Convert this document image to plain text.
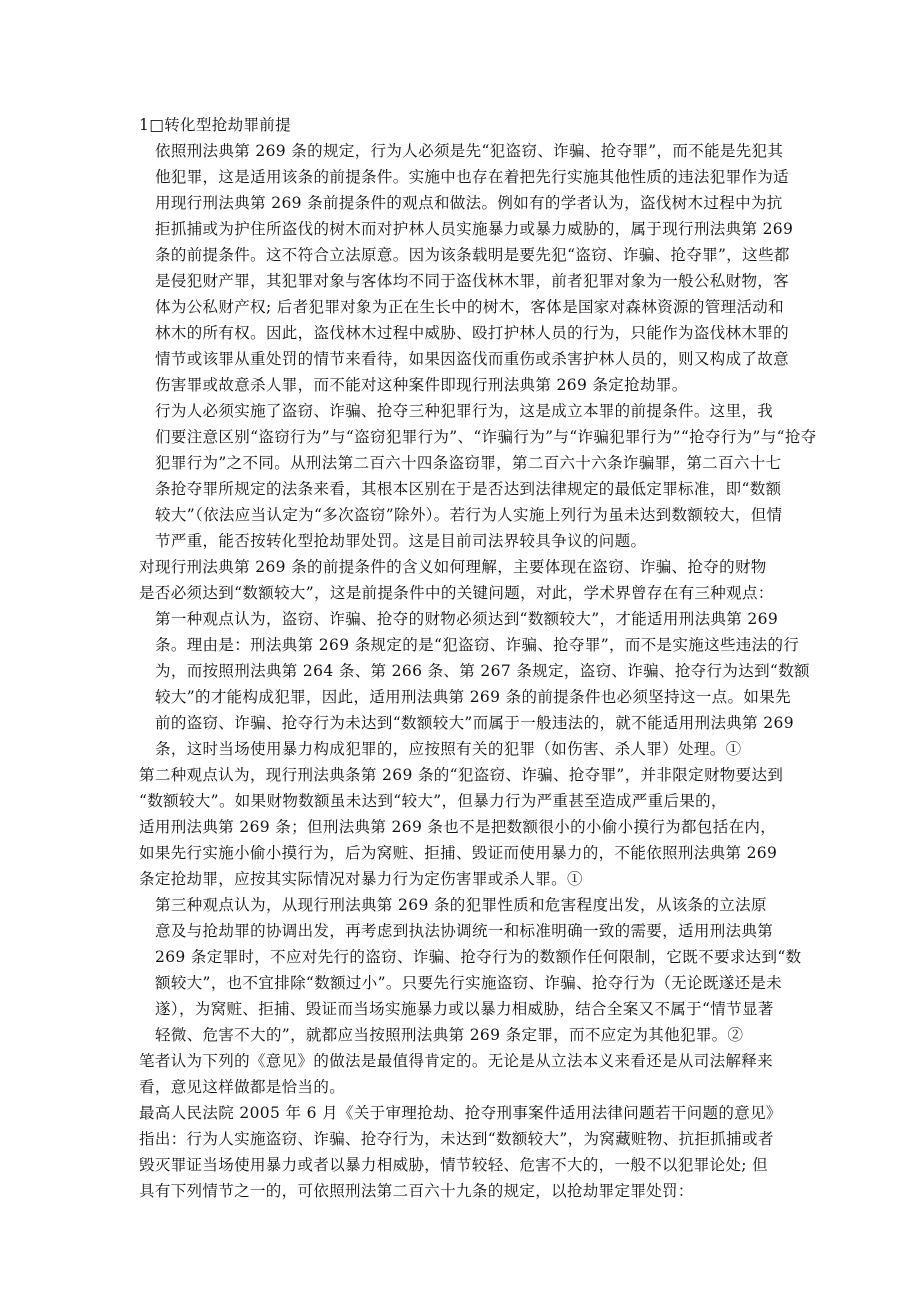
1□转化型抢劫罪前提

依照刑法典第 269 条的规定，行为人必须是先“犯盗窃、诈骗、抢夺罪”，而不能是先犯其
他犯罪，这是适用该条的前提条件。实施中也存在着把先行实施其他性质的违法犯罪作为适
用现行刑法典第 269 条前提条件的观点和做法。例如有的学者认为，盗伐树木过程中为抗
拒抓捕或为护住所盗伐的树木而对护林人员实施暴力或暴力威胁的，属于现行刑法典第 269
条的前提条件。这不符合立法原意。因为该条载明是要先犯“盗窃、诈骗、抢夺罪”，这些都
是侵犯财产罪，其犯罪对象与客体均不同于盗伐林木罪，前者犯罪对象为一般公私财物，客
体为公私财产权; 后者犯罪对象为正在生长中的树木，客体是国家对森林资源的管理活动和
林木的所有权。因此，盗伐林木过程中威胁、殴打护林人员的行为，只能作为盗伐林木罪的
情节或该罪从重处罚的情节来看待，如果因盗伐而重伤或杀害护林人员的，则又构成了故意
伤害罪或故意杀人罪，而不能对这种案件即现行刑法典第 269 条定抢劫罪。

行为人必须实施了盗窃、诈骗、抢夺三种犯罪行为，这是成立本罪的前提条件。这里，我
们要注意区别“盗窃行为”与“盗窃犯罪行为”、“诈骗行为”与“诈骗犯罪行为”“抢夺行为”与“抢夺
犯罪行为”之不同。从刑法第二百六十四条盗窃罪，第二百六十六条诈骗罪，第二百六十七
条抢夺罪所规定的法条来看，其根本区别在于是否达到法律规定的最低定罪标准，即“数额
较大”（依法应当认定为“多次盗窃”除外）。若行为人实施上列行为虽未达到数额较大，但情
节严重，能否按转化型抢劫罪处罚。这是目前司法界较具争议的问题。

对现行刑法典第 269 条的前提条件的含义如何理解，主要体现在盗窃、诈骗、抢夺的财物
是否必须达到“数额较大”，这是前提条件中的关键问题，对此，学术界曾存在有三种观点：

第一种观点认为，盗窃、诈骗、抢夺的财物必须达到“数额较大”，才能适用刑法典第 269
条。理由是：刑法典第 269 条规定的是“犯盗窃、诈骗、抢夺罪”，而不是实施这些违法的行
为，而按照刑法典第 264 条、第 266 条、第 267 条规定，盗窃、诈骗、抢夺行为达到“数额
较大”的才能构成犯罪，因此，适用刑法典第 269 条的前提条件也必须坚持这一点。如果先
前的盗窃、诈骗、抢夺行为未达到“数额较大”而属于一般违法的，就不能适用刑法典第 269
条，这时当场使用暴力构成犯罪的，应按照有关的犯罪（如伤害、杀人罪）处理。①

第二种观点认为，现行刑法典条第 269 条的“犯盗窃、诈骗、抢夺罪”，并非限定财物要达到
“数额较大”。如果财物数额虽未达到“较大”，但暴力行为严重甚至造成严重后果的，
适用刑法典第 269 条；但刑法典第 269 条也不是把数额很小的小偷小摸行为都包括在内，
如果先行实施小偷小摸行为，后为窝赃、拒捕、毁证而使用暴力的，不能依照刑法典第 269
条定抢劫罪，应按其实际情况对暴力行为定伤害罪或杀人罪。①

第三种观点认为，从现行刑法典第 269 条的犯罪性质和危害程度出发，从该条的立法原
意及与抢劫罪的协调出发，再考虑到执法协调统一和标准明确一致的需要，适用刑法典第
269 条定罪时，不应对先行的盗窃、诈骗、抢夺行为的数额作任何限制，它既不要求达到“数
额较大”，也不宜排除“数额过小”。只要先行实施盗窃、诈骗、抢夺行为（无论既遂还是未
遂），为窝赃、拒捕、毁证而当场实施暴力或以暴力相威胁，结合全案又不属于“情节显著
轻微、危害不大的”，就都应当按照刑法典第 269 条定罪，而不应定为其他犯罪。②

笔者认为下列的《意见》的做法是最值得肯定的。无论是从立法本义来看还是从司法解释来
看，意见这样做都是恰当的。

最高人民法院 2005 年 6 月《关于审理抢劫、抢夺刑事案件适用法律问题若干问题的意见》
指出：行为人实施盗窃、诈骗、抢夺行为，未达到“数额较大”，为窝藏赃物、抗拒抓捕或者
毁灭罪证当场使用暴力或者以暴力相威胁，情节较轻、危害不大的，一般不以犯罪论处; 但
具有下列情节之一的，可依照刑法第二百六十九条的规定，以抢劫罪定罪处罚：
